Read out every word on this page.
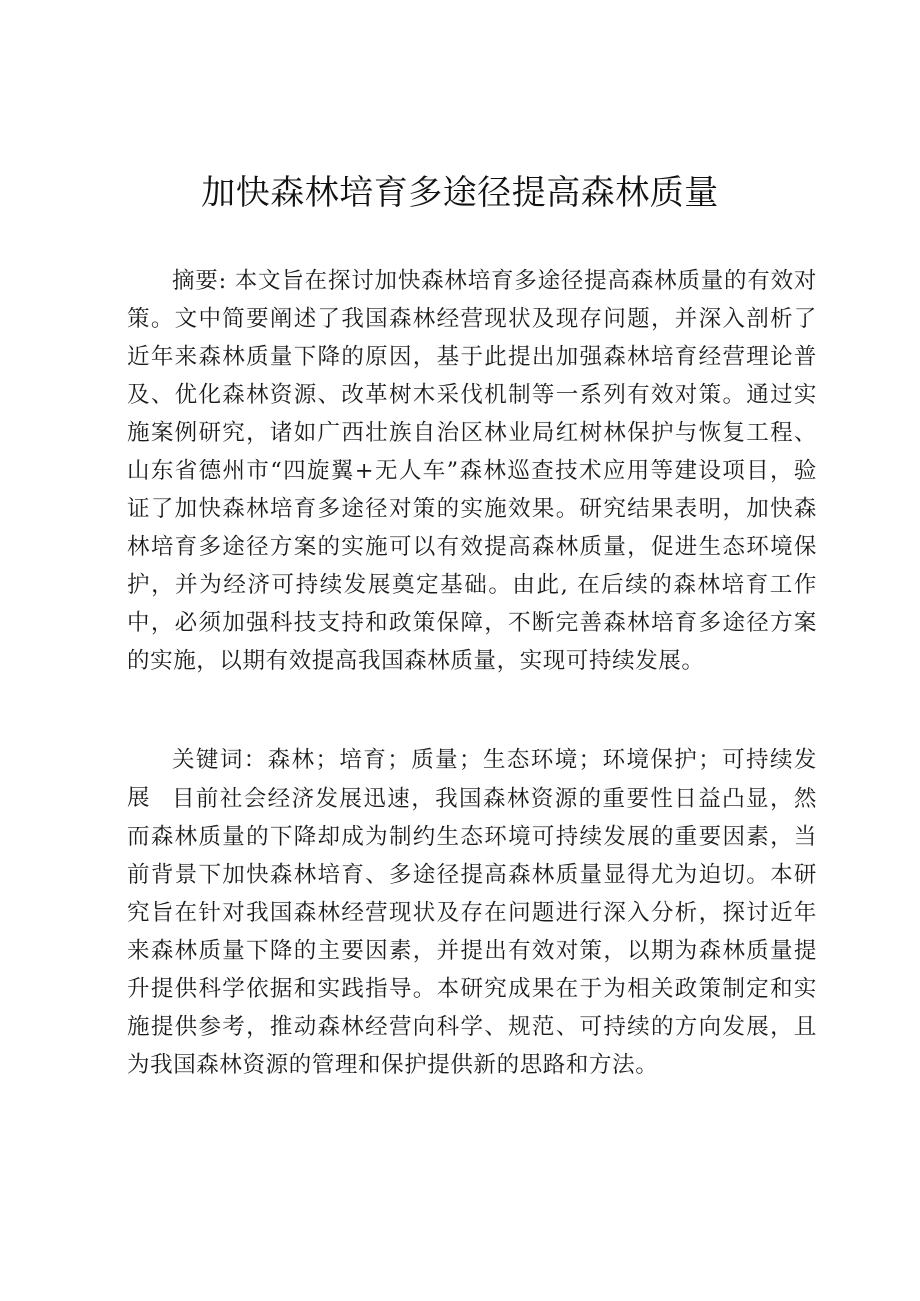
加快森林培育多途径提高森林质量

摘要: 本文旨在探讨加快森林培育多途径提高森林质量的有效对策。文中简要阐述了我国森林经营现状及现存问题，并深入剖析了近年来森林质量下降的原因，基于此提出加强森林培育经营理论普及、优化森林资源、改革树木采伐机制等一系列有效对策。通过实施案例研究，诸如广西壮族自治区林业局红树林保护与恢复工程、山东省德州市“四旋翼+无人车”森林巡查技术应用等建设项目，验证了加快森林培育多途径对策的实施效果。研究结果表明，加快森林培育多途径方案的实施可以有效提高森林质量，促进生态环境保护，并为经济可持续发展奠定基础。由此, 在后续的森林培育工作中，必须加强科技支持和政策保障，不断完善森林培育多途径方案的实施，以期有效提高我国森林质量，实现可持续发展。

关键词：森林；培育；质量；生态环境；环境保护；可持续发展 目前社会经济发展迅速，我国森林资源的重要性日益凸显，然而森林质量的下降却成为制约生态环境可持续发展的重要因素，当前背景下加快森林培育、多途径提高森林质量显得尤为迫切。本研究旨在针对我国森林经营现状及存在问题进行深入分析，探讨近年来森林质量下降的主要因素，并提出有效对策，以期为森林质量提升提供科学依据和实践指导。本研究成果在于为相关政策制定和实施提供参考，推动森林经营向科学、规范、可持续的方向发展，且为我国森林资源的管理和保护提供新的思路和方法。
